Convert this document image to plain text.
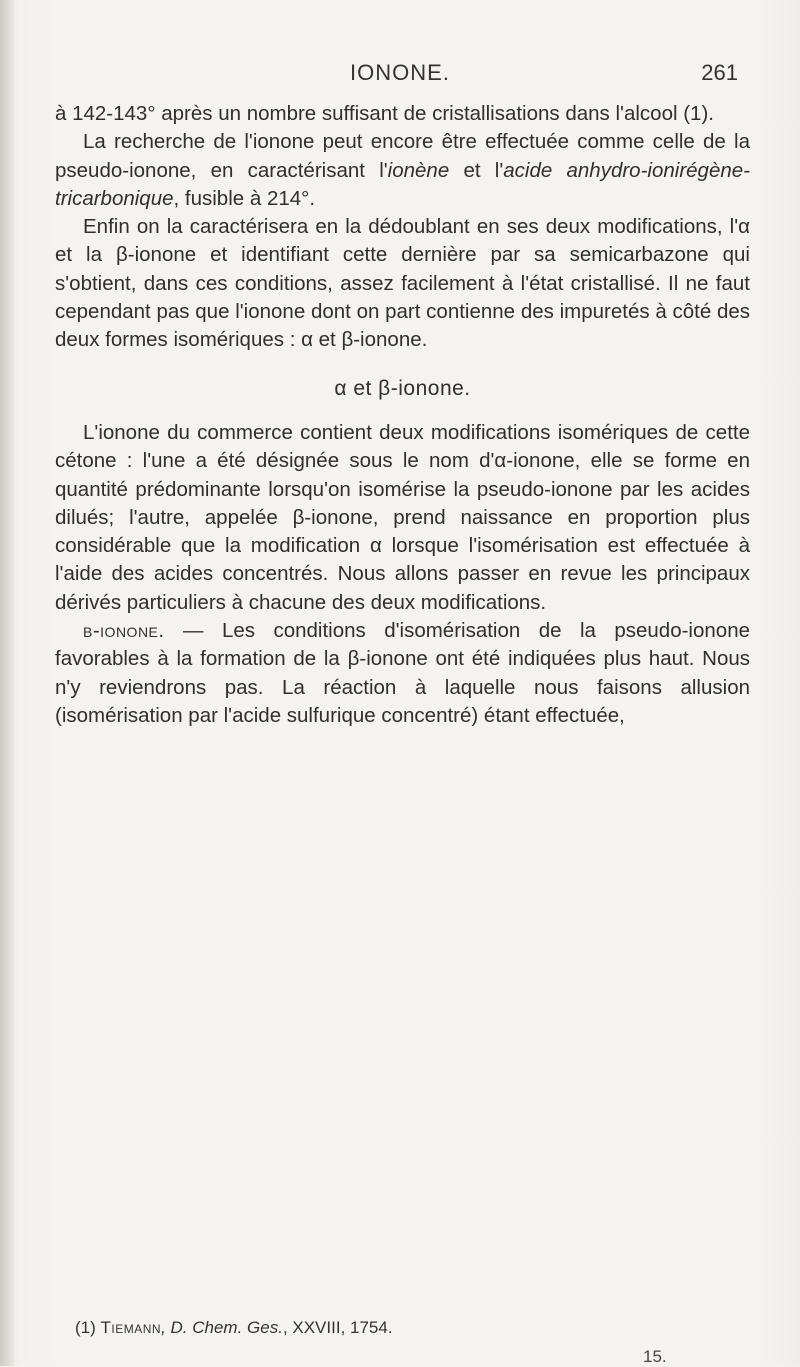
IONONE.	261

à 142-143° après un nombre suffisant de cristallisations dans l'alcool (1).

La recherche de l'ionone peut encore être effectuée comme celle de la pseudo-ionone, en caractérisant l'ionène et l'acide anhydro-ionirégène-tricarbonique, fusible à 214°.

Enfin on la caractérisera en la dédoublant en ses deux modifications, l'α et la β-ionone et identifiant cette dernière par sa semicarbazone qui s'obtient, dans ces conditions, assez facilement à l'état cristallisé. Il ne faut cependant pas que l'ionone dont on part contienne des impuretés à côté des deux formes isomériques : α et β-ionone.

α et β-ionone.

L'ionone du commerce contient deux modifications isomériques de cette cétone : l'une a été désignée sous le nom d'α-ionone, elle se forme en quantité prédominante lorsqu'on isomérise la pseudo-ionone par les acides dilués; l'autre, appelée β-ionone, prend naissance en proportion plus considérable que la modification α lorsque l'isomérisation est effectuée à l'aide des acides concentrés. Nous allons passer en revue les principaux dérivés particuliers à chacune des deux modifications.

β-ionone. — Les conditions d'isomérisation de la pseudo-ionone favorables à la formation de la β-ionone ont été indiquées plus haut. Nous n'y reviendrons pas. La réaction à laquelle nous faisons allusion (isomérisation par l'acide sulfurique concentré) étant effectuée,

(1) Tiemann, D. Chem. Ges., XXVIII, 1754.
15.
